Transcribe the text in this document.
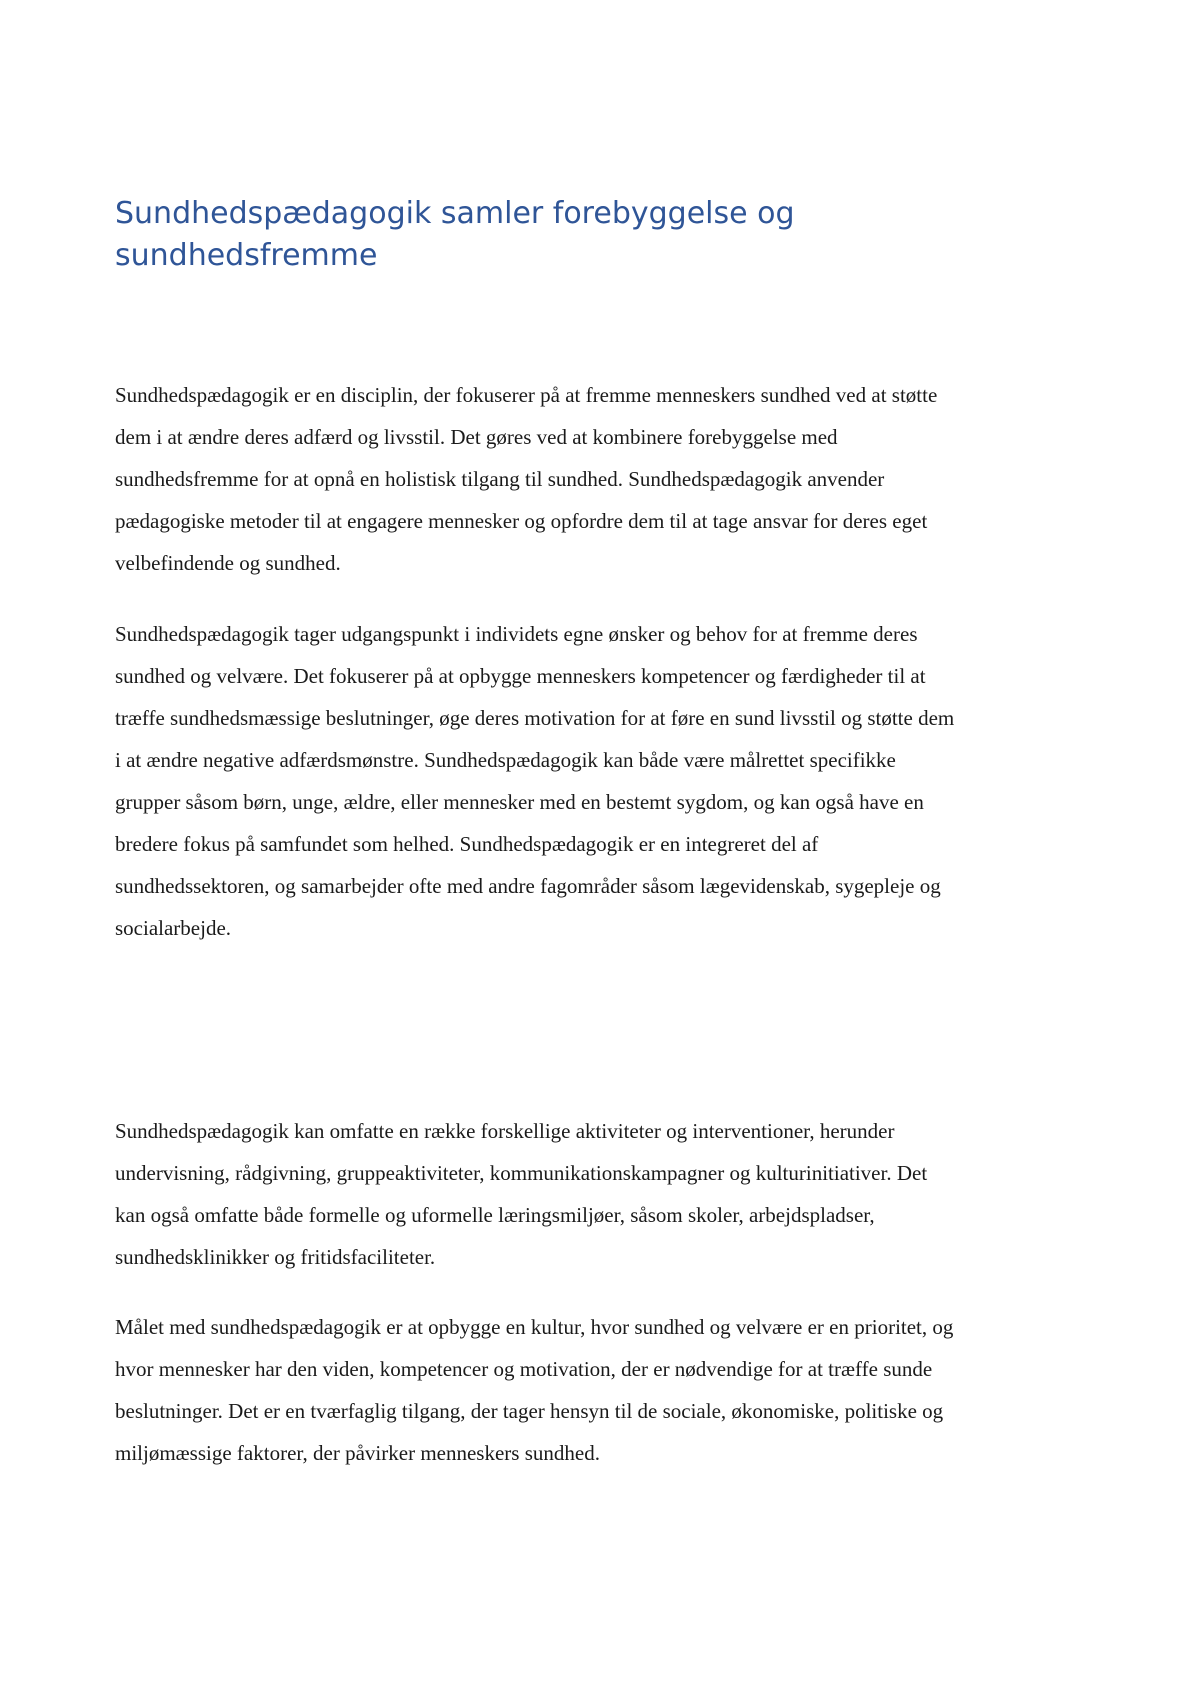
Sundhedspædagogik samler forebyggelse og
sundhedsfremme

Sundhedspædagogik er en disciplin, der fokuserer på at fremme menneskers sundhed ved at støtte
dem i at ændre deres adfærd og livsstil. Det gøres ved at kombinere forebyggelse med
sundhedsfremme for at opnå en holistisk tilgang til sundhed. Sundhedspædagogik anvender
pædagogiske metoder til at engagere mennesker og opfordre dem til at tage ansvar for deres eget
velbefindende og sundhed.

Sundhedspædagogik tager udgangspunkt i individets egne ønsker og behov for at fremme deres
sundhed og velvære. Det fokuserer på at opbygge menneskers kompetencer og færdigheder til at
træffe sundhedsmæssige beslutninger, øge deres motivation for at føre en sund livsstil og støtte dem
i at ændre negative adfærdsmønstre. Sundhedspædagogik kan både være målrettet specifikke
grupper såsom børn, unge, ældre, eller mennesker med en bestemt sygdom, og kan også have en
bredere fokus på samfundet som helhed. Sundhedspædagogik er en integreret del af
sundhedssektoren, og samarbejder ofte med andre fagområder såsom lægevidenskab, sygepleje og
socialarbejde.

Sundhedspædagogik kan omfatte en række forskellige aktiviteter og interventioner, herunder
undervisning, rådgivning, gruppeaktiviteter, kommunikationskampagner og kulturinitiativer. Det
kan også omfatte både formelle og uformelle læringsmiljøer, såsom skoler, arbejdspladser,
sundhedsklinikker og fritidsfaciliteter.

Målet med sundhedspædagogik er at opbygge en kultur, hvor sundhed og velvære er en prioritet, og
hvor mennesker har den viden, kompetencer og motivation, der er nødvendige for at træffe sunde
beslutninger. Det er en tværfaglig tilgang, der tager hensyn til de sociale, økonomiske, politiske og
miljømæssige faktorer, der påvirker menneskers sundhed.
